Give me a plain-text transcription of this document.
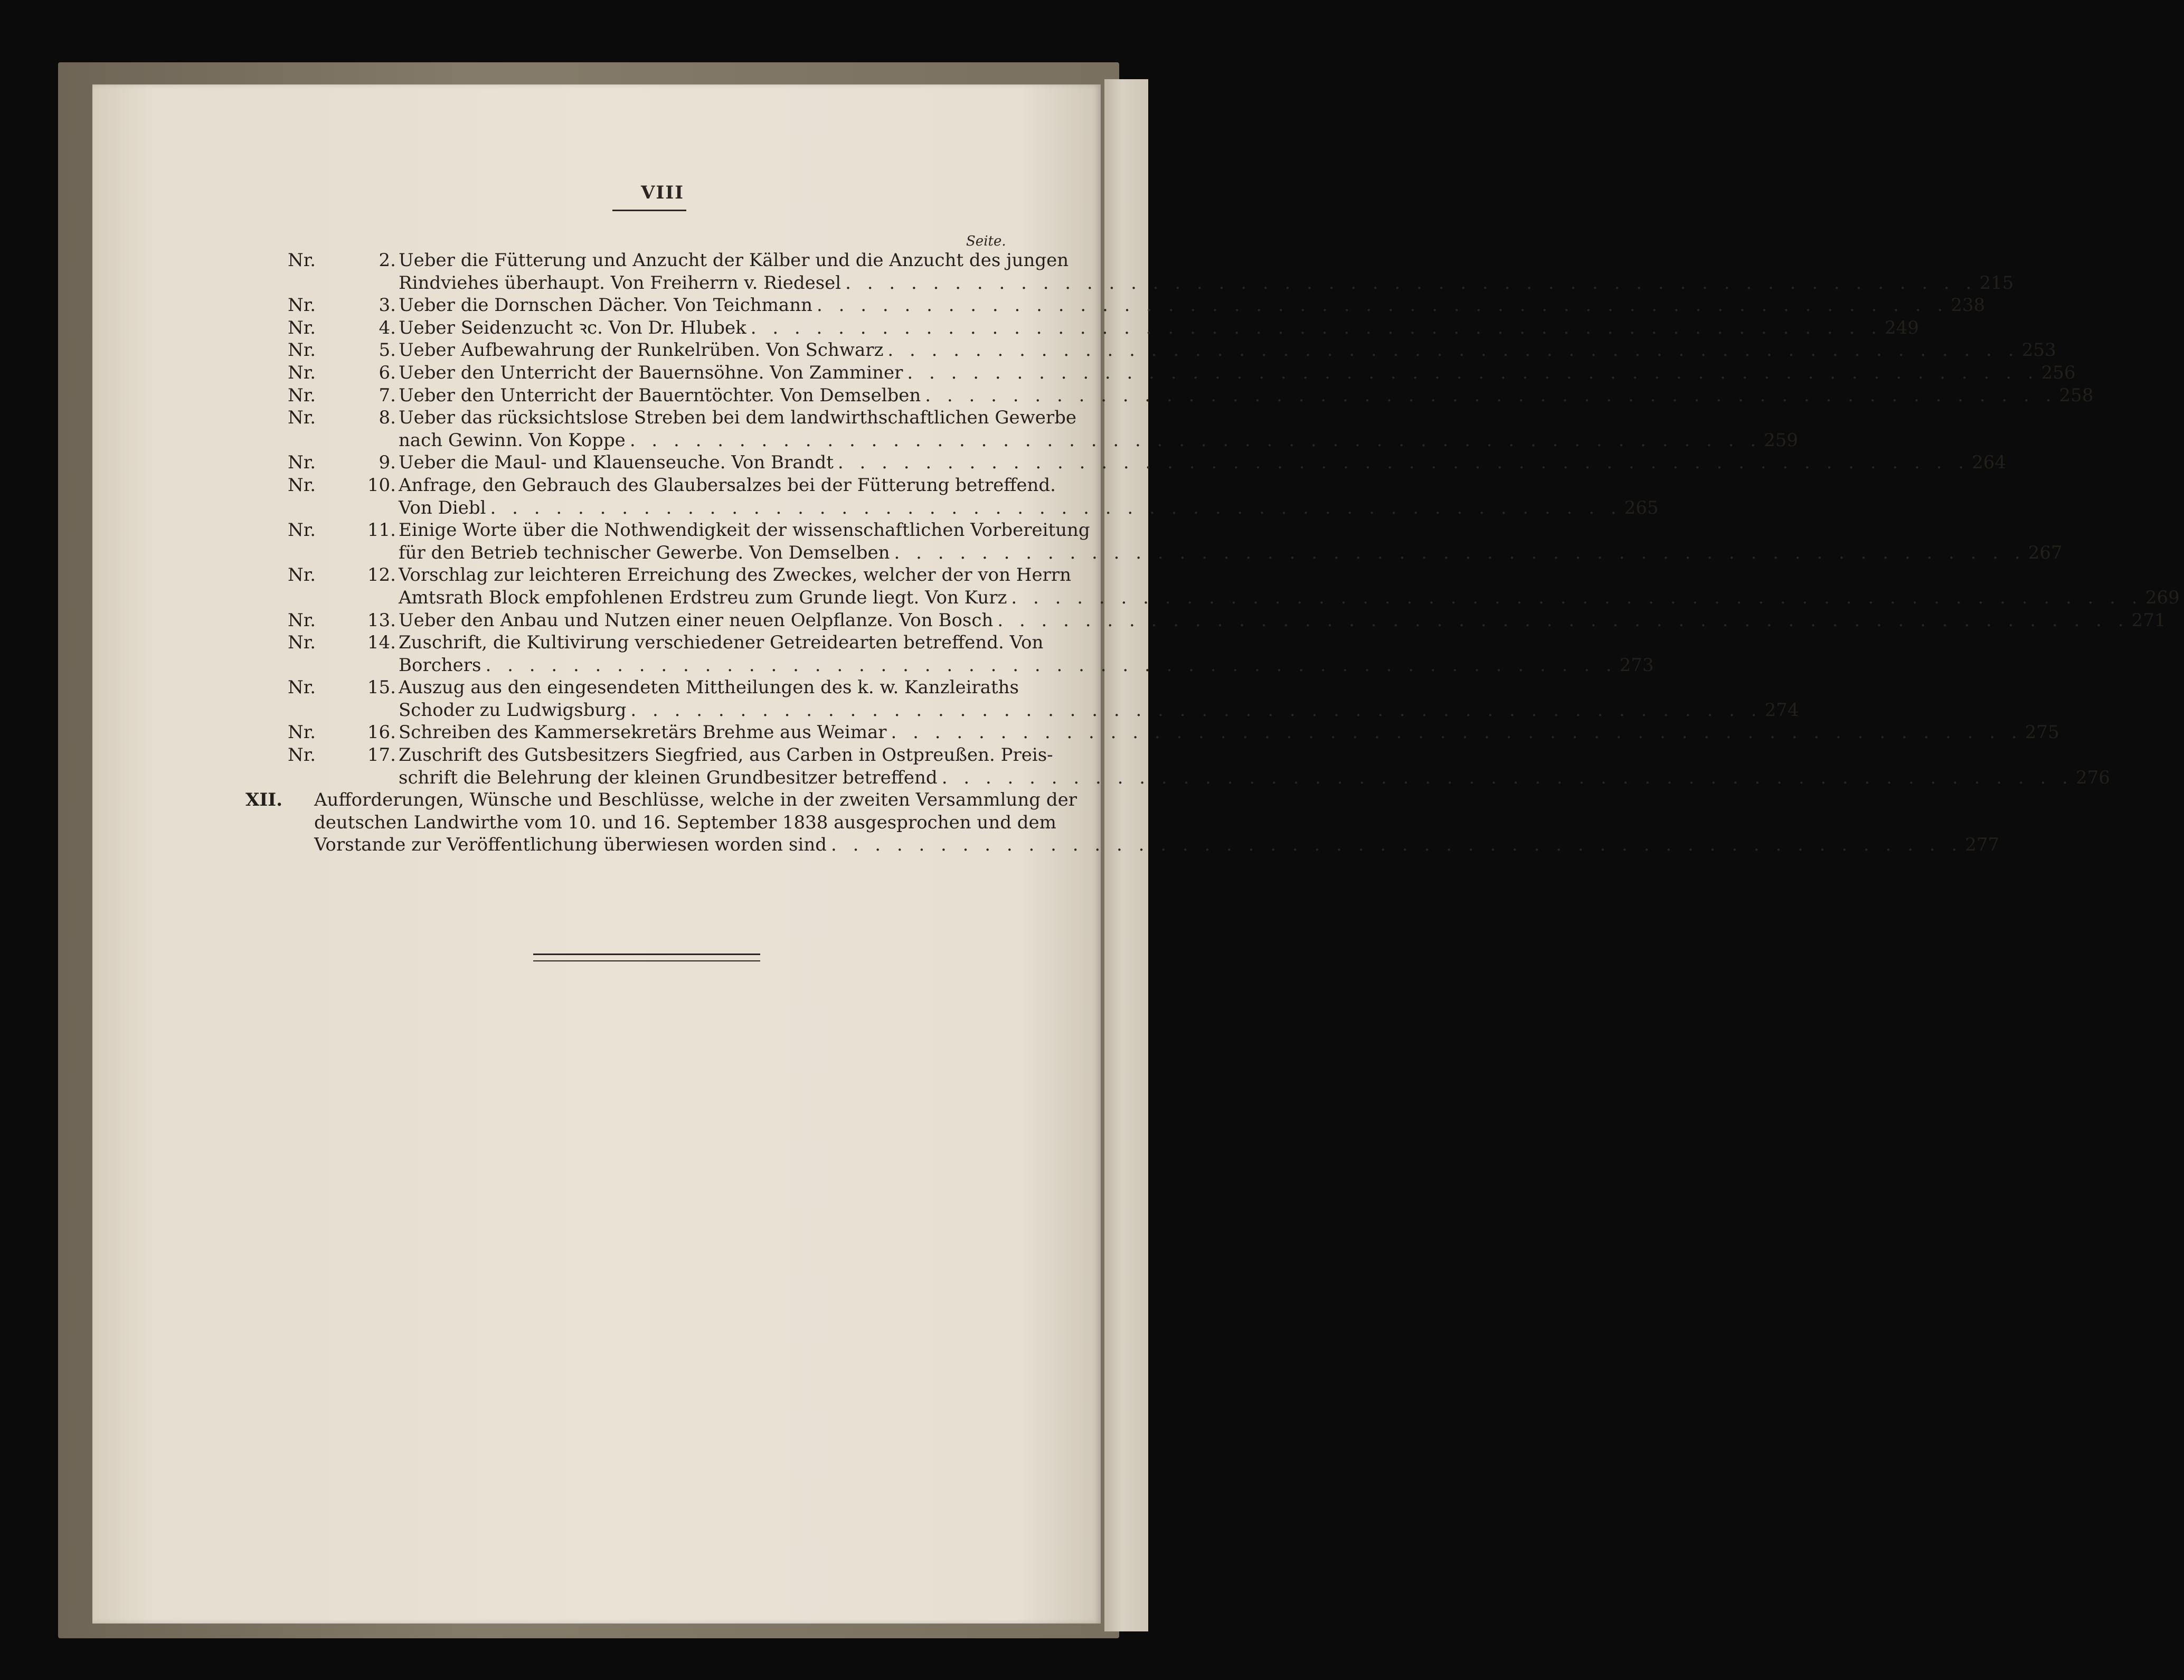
VIII
Seite.
Nr.	2. Ueber die Fütterung und Anzucht der Kälber und die Anzucht des jungen
Rindviehes überhaupt. Von Freiherrn v. Riedesel . . . . . . . . . . . . . . . . . . . . . . . . . . . . . . . . . . . . . . . . . . . . . . . . . . . . 215
Nr.	3. Ueber die Dornschen Dächer. Von Teichmann . . . . . . . . . . . . . . . . . . . . . . . . . . . . . . . . . . . . . . . . . . . . . . . . . . . . 238
Nr.	4. Ueber Seidenzucht ꝛc. Von Dr. Hlubek . . . . . . . . . . . . . . . . . . . . . . . . . . . . . . . . . . . . . . . . . . . . . . . . . . . . 249
Nr.	5. Ueber Aufbewahrung der Runkelrüben. Von Schwarz . . . . . . . . . . . . . . . . . . . . . . . . . . . . . . . . . . . . . . . . . . . . . . . . . . . . 253
Nr.	6. Ueber den Unterricht der Bauernsöhne. Von Zamminer . . . . . . . . . . . . . . . . . . . . . . . . . . . . . . . . . . . . . . . . . . . . . . . . . . . . 256
Nr.	7. Ueber den Unterricht der Bauerntöchter. Von Demselben . . . . . . . . . . . . . . . . . . . . . . . . . . . . . . . . . . . . . . . . . . . . . . . . . . . . 258
Nr.	8. Ueber das rücksichtslose Streben bei dem landwirthschaftlichen Gewerbe
nach Gewinn. Von Koppe . . . . . . . . . . . . . . . . . . . . . . . . . . . . . . . . . . . . . . . . . . . . . . . . . . . . 259
Nr.	9. Ueber die Maul- und Klauenseuche. Von Brandt . . . . . . . . . . . . . . . . . . . . . . . . . . . . . . . . . . . . . . . . . . . . . . . . . . . . 264
Nr.	10. Anfrage, den Gebrauch des Glaubersalzes bei der Fütterung betreffend.
Von Diebl . . . . . . . . . . . . . . . . . . . . . . . . . . . . . . . . . . . . . . . . . . . . . . . . . . . . 265
Nr.	11. Einige Worte über die Nothwendigkeit der wissenschaftlichen Vorbereitung
für den Betrieb technischer Gewerbe. Von Demselben . . . . . . . . . . . . . . . . . . . . . . . . . . . . . . . . . . . . . . . . . . . . . . . . . . . . 267
Nr.	12. Vorschlag zur leichteren Erreichung des Zweckes, welcher der von Herrn
Amtsrath Block empfohlenen Erdstreu zum Grunde liegt. Von Kurz . . . . . . . . . . . . . . . . . . . . . . . . . . . . . . . . . . . . . . . . . . . . . . . . . . . . 269
Nr.	13. Ueber den Anbau und Nutzen einer neuen Oelpflanze. Von Bosch . . . . . . . . . . . . . . . . . . . . . . . . . . . . . . . . . . . . . . . . . . . . . . . . . . . . 271
Nr.	14. Zuschrift, die Kultivirung verschiedener Getreidearten betreffend. Von
Borchers . . . . . . . . . . . . . . . . . . . . . . . . . . . . . . . . . . . . . . . . . . . . . . . . . . . . 273
Nr.	15. Auszug aus den eingesendeten Mittheilungen des k. w. Kanzleiraths
Schoder zu Ludwigsburg . . . . . . . . . . . . . . . . . . . . . . . . . . . . . . . . . . . . . . . . . . . . . . . . . . . . 274
Nr.	16. Schreiben des Kammersekretärs Brehme aus Weimar . . . . . . . . . . . . . . . . . . . . . . . . . . . . . . . . . . . . . . . . . . . . . . . . . . . . 275
Nr.	17. Zuschrift des Gutsbesitzers Siegfried, aus Carben in Ostpreußen. Preis-
schrift die Belehrung der kleinen Grundbesitzer betreffend . . . . . . . . . . . . . . . . . . . . . . . . . . . . . . . . . . . . . . . . . . . . . . . . . . . . 276
XII.	Aufforderungen, Wünsche und Beschlüsse, welche in der zweiten Versammlung der
deutschen Landwirthe vom 10. und 16. September 1838 ausgesprochen und dem
Vorstande zur Veröffentlichung überwiesen worden sind . . . . . . . . . . . . . . . . . . . . . . . . . . . . . . . . . . . . . . . . . . . . . . . . . . . . 277
